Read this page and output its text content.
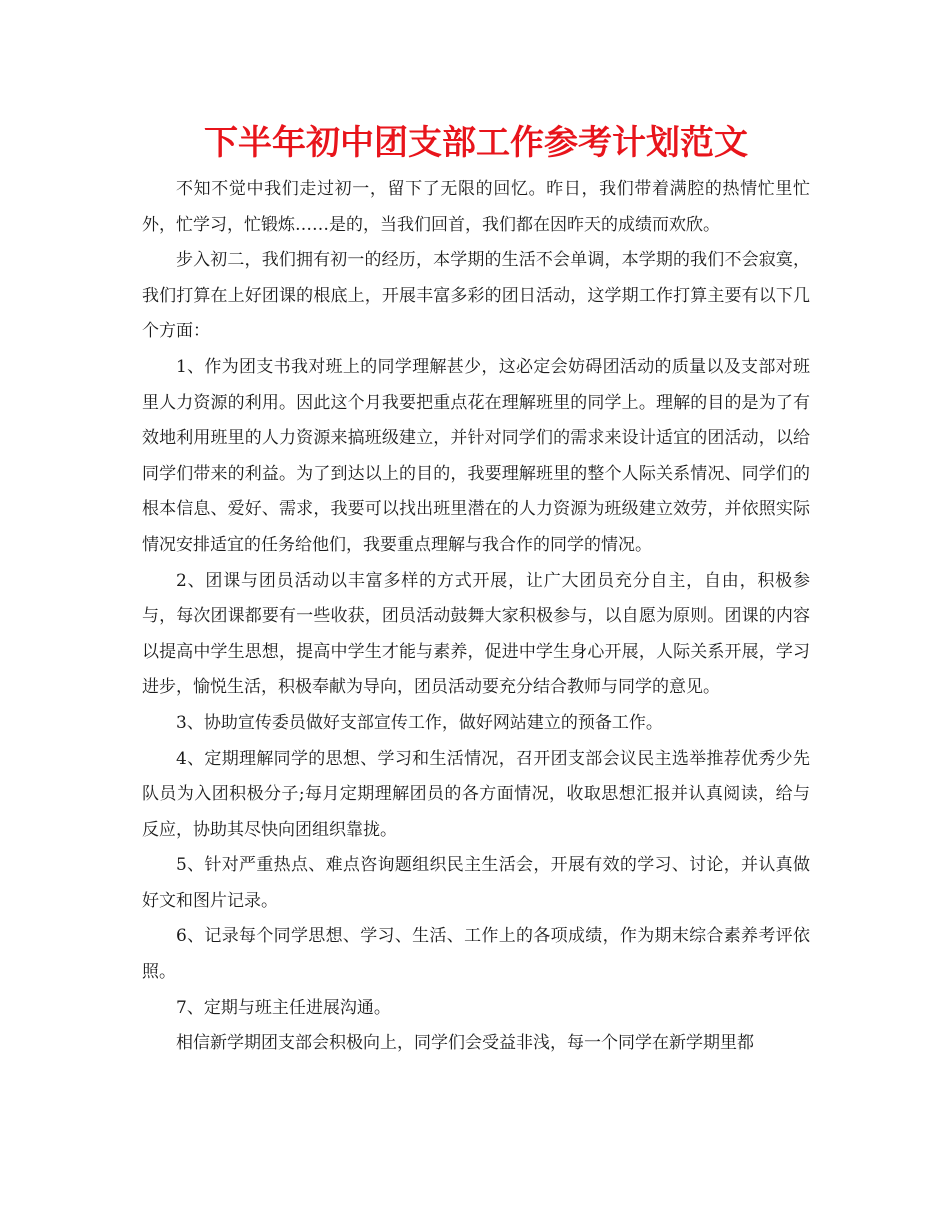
下半年初中团支部工作参考计划范文

不知不觉中我们走过初一，留下了无限的回忆。昨日，我们带着满腔的热情忙里忙外，忙学习，忙锻炼……是的，当我们回首，我们都在因昨天的成绩而欢欣。

步入初二，我们拥有初一的经历，本学期的生活不会单调，本学期的我们不会寂寞，我们打算在上好团课的根底上，开展丰富多彩的团日活动，这学期工作打算主要有以下几个方面：

1、作为团支书我对班上的同学理解甚少，这必定会妨碍团活动的质量以及支部对班里人力资源的利用。因此这个月我要把重点花在理解班里的同学上。理解的目的是为了有效地利用班里的人力资源来搞班级建立，并针对同学们的需求来设计适宜的团活动，以给同学们带来的利益。为了到达以上的目的，我要理解班里的整个人际关系情况、同学们的根本信息、爱好、需求，我要可以找出班里潜在的人力资源为班级建立效劳，并依照实际情况安排适宜的任务给他们，我要重点理解与我合作的同学的情况。

2、团课与团员活动以丰富多样的方式开展，让广大团员充分自主，自由，积极参与，每次团课都要有一些收获，团员活动鼓舞大家积极参与，以自愿为原则。团课的内容以提高中学生思想，提高中学生才能与素养，促进中学生身心开展，人际关系开展，学习进步，愉悦生活，积极奉献为导向，团员活动要充分结合教师与同学的意见。

3、协助宣传委员做好支部宣传工作，做好网站建立的预备工作。

4、定期理解同学的思想、学习和生活情况，召开团支部会议民主选举推荐优秀少先队员为入团积极分子;每月定期理解团员的各方面情况，收取思想汇报并认真阅读，给与反应，协助其尽快向团组织靠拢。

5、针对严重热点、难点咨询题组织民主生活会，开展有效的学习、讨论，并认真做好文和图片记录。

6、记录每个同学思想、学习、生活、工作上的各项成绩，作为期末综合素养考评依照。

7、定期与班主任进展沟通。

相信新学期团支部会积极向上，同学们会受益非浅，每一个同学在新学期里都
